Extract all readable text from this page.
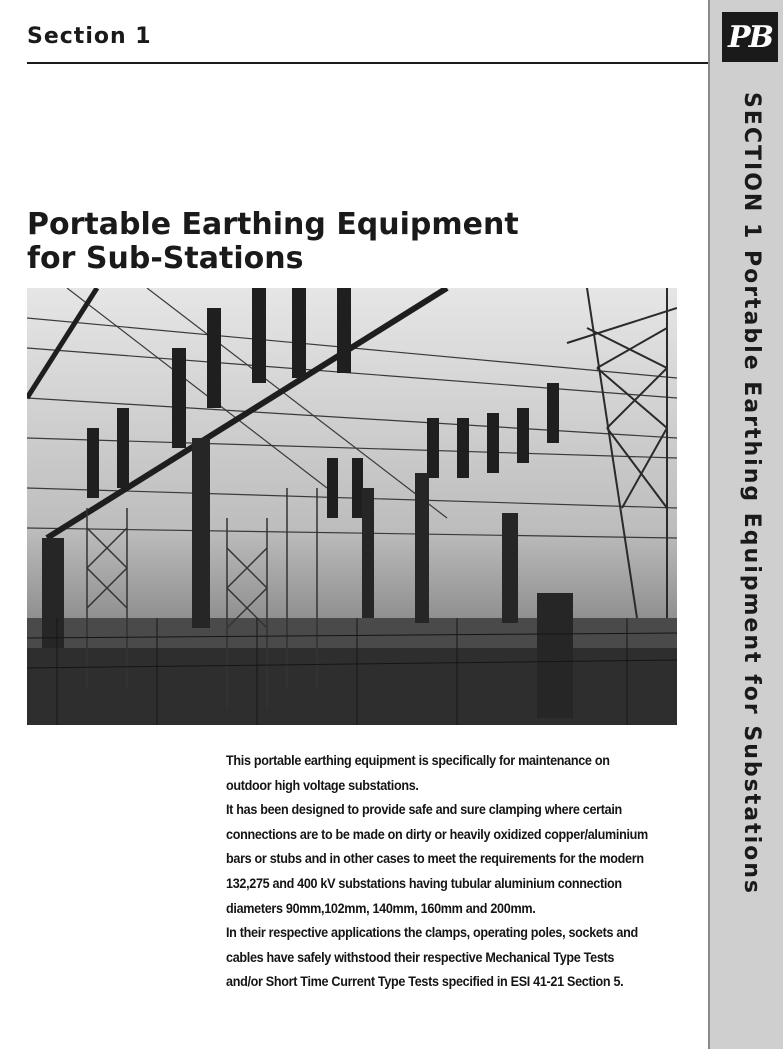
Section 1	PB
SECTION 1 Portable Earthing Equipment for Substations
Portable Earthing Equipment
for Sub-Stations

This portable earthing equipment is specifically for maintenance on outdoor high voltage substations.

It has been designed to provide safe and sure clamping where certain connections are to be made on dirty or heavily oxidized copper/aluminium bars or stubs and in other cases to meet the requirements for the modern 132,275 and 400 kV substations having tubular aluminium connection diameters 90mm,102mm, 140mm, 160mm and 200mm.

In their respective applications the clamps, operating poles, sockets and cables have safely withstood their respective Mechanical Type Tests and/or Short Time Current Type Tests specified in ESI 41-21 Section 5.
